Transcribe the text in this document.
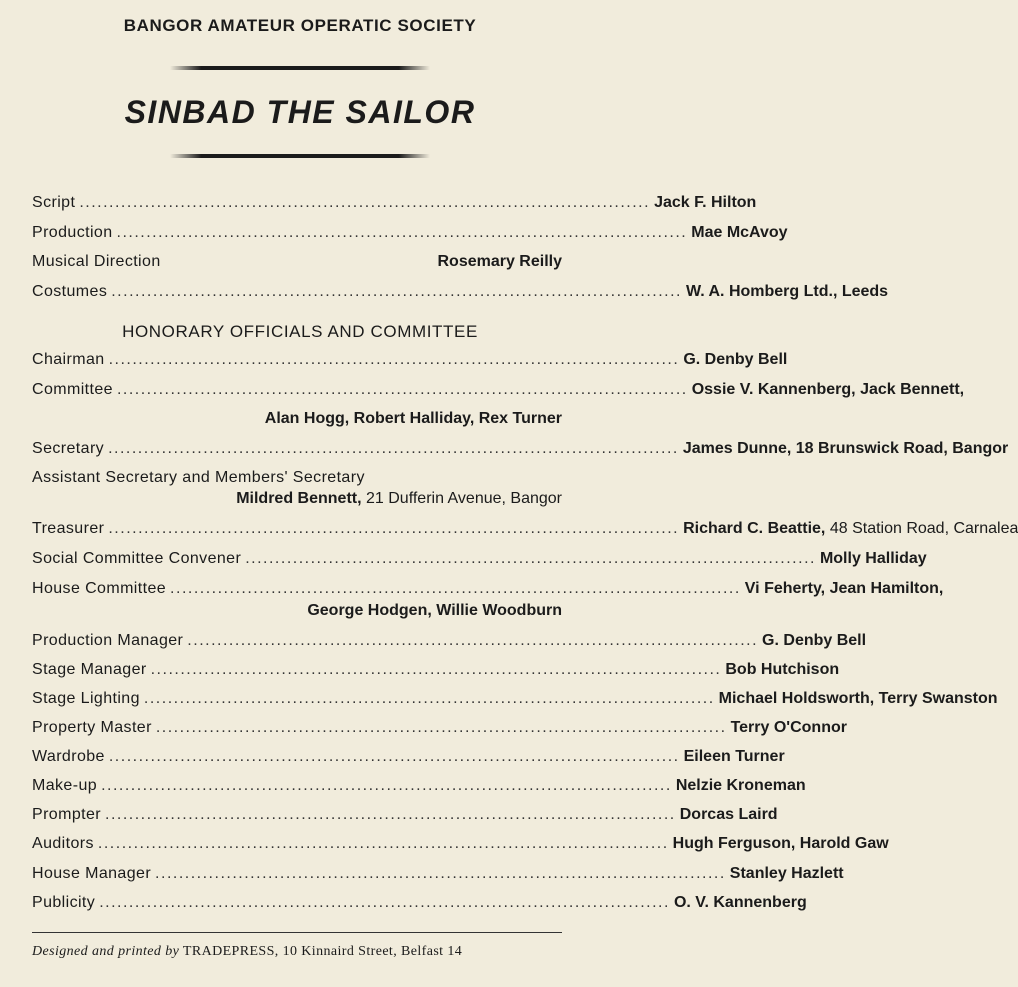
BANGOR AMATEUR OPERATIC SOCIETY
SINBAD THE SAILOR
Script ................................................................................................ Jack F. Hilton
Production ................................................................................................ Mae McAvoy
Musical Direction	Rosemary Reilly
Costumes ................................................................................................ W. A. Homberg Ltd., Leeds
HONORARY OFFICIALS AND COMMITTEE
Chairman ................................................................................................ G. Denby Bell
Committee ................................................................................................ Ossie V. Kannenberg, Jack Bennett,
Alan Hogg, Robert Halliday, Rex Turner
Secretary ................................................................................................ James Dunne, 18 Brunswick Road, Bangor
Assistant Secretary and Members' Secretary
Mildred Bennett, 21 Dufferin Avenue, Bangor
Treasurer ................................................................................................ Richard C. Beattie, 48 Station Road, Carnalea
Social Committee Convener ................................................................................................ Molly Halliday
House Committee ................................................................................................ Vi Feherty, Jean Hamilton,
George Hodgen, Willie Woodburn
Production Manager ................................................................................................ G. Denby Bell
Stage Manager ................................................................................................ Bob Hutchison
Stage Lighting ................................................................................................ Michael Holdsworth, Terry Swanston
Property Master ................................................................................................ Terry O'Connor
Wardrobe ................................................................................................ Eileen Turner
Make-up ................................................................................................ Nelzie Kroneman
Prompter ................................................................................................ Dorcas Laird
Auditors ................................................................................................ Hugh Ferguson, Harold Gaw
House Manager ................................................................................................ Stanley Hazlett
Publicity ................................................................................................ O. V. Kannenberg
Designed and printed by TRADEPRESS, 10 Kinnaird Street, Belfast 14
